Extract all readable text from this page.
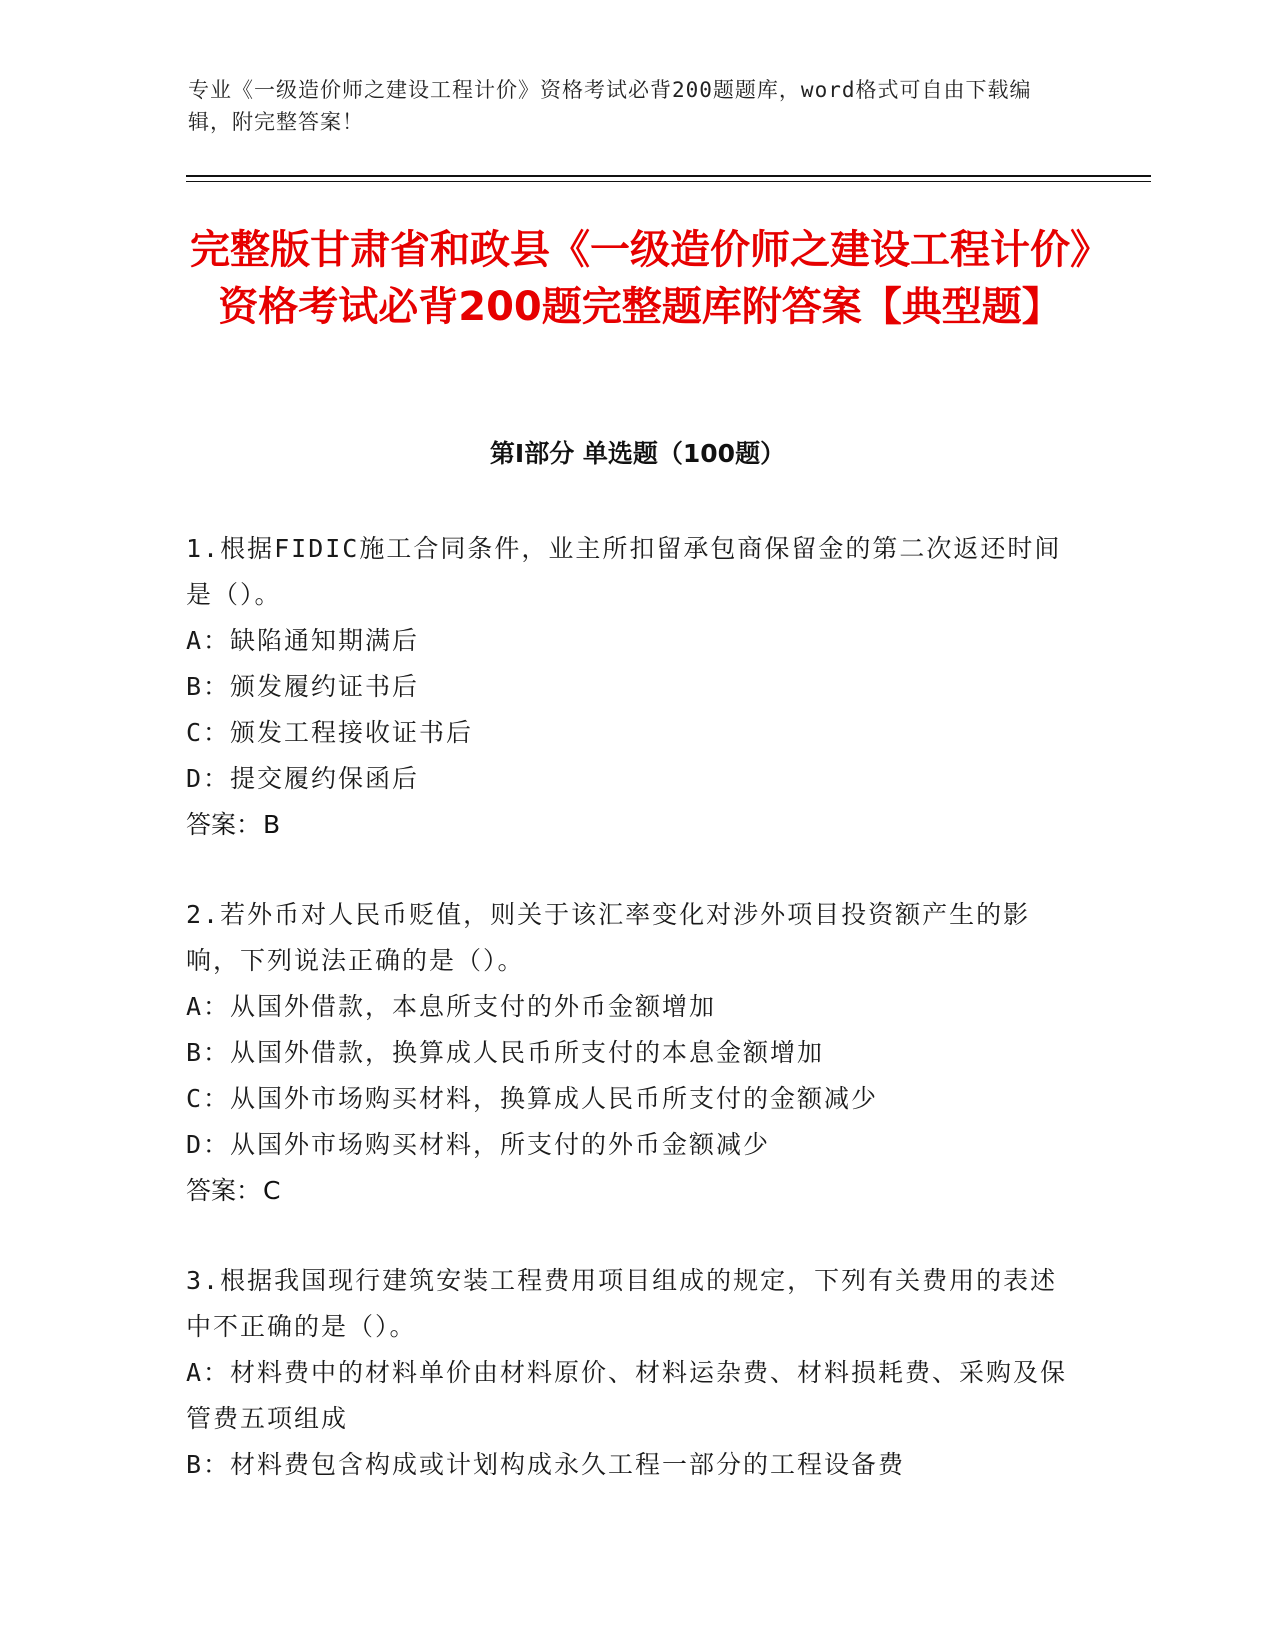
专业《一级造价师之建设工程计价》资格考试必背200题题库，word格式可自由下载编辑，附完整答案！
完整版甘肃省和政县《一级造价师之建设工程计价》资格考试必背200题完整题库附答案【典型题】
第Ⅰ部分 单选题（100题）
1.根据FIDIC施工合同条件，业主所扣留承包商保留金的第二次返还时间是（）。
A：缺陷通知期满后
B：颁发履约证书后
C：颁发工程接收证书后
D：提交履约保函后
答案：B
2.若外币对人民币贬值，则关于该汇率变化对涉外项目投资额产生的影响，下列说法正确的是（）。
A：从国外借款，本息所支付的外币金额增加
B：从国外借款，换算成人民币所支付的本息金额增加
C：从国外市场购买材料，换算成人民币所支付的金额减少
D：从国外市场购买材料，所支付的外币金额减少
答案：C
3.根据我国现行建筑安装工程费用项目组成的规定，下列有关费用的表述中不正确的是（）。
A：材料费中的材料单价由材料原价、材料运杂费、材料损耗费、采购及保管费五项组成
B：材料费包含构成或计划构成永久工程一部分的工程设备费
